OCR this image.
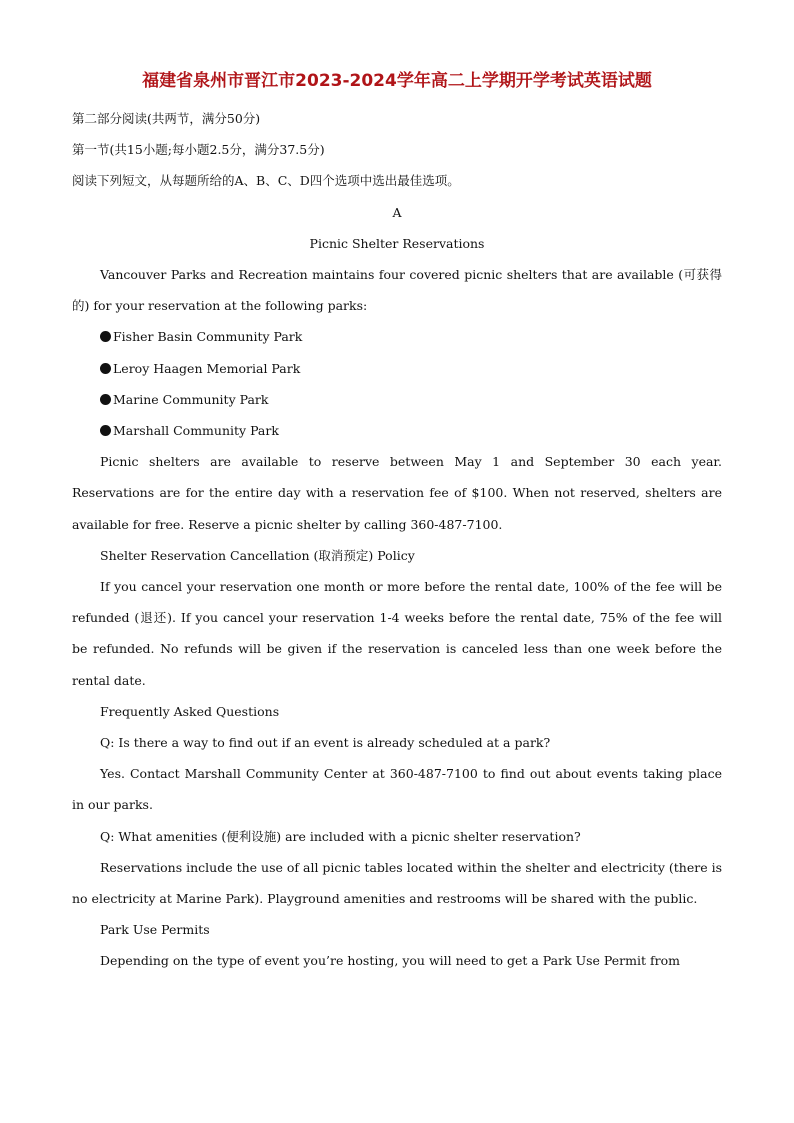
福建省泉州市晋江市2023-2024学年高二上学期开学考试英语试题

第二部分阅读(共两节，满分50分)

第一节(共15小题;每小题2.5分，满分37.5分)

阅读下列短文，从每题所给的A、B、C、D四个选项中选出最佳选项。

A

Picnic Shelter Reservations

Vancouver Parks and Recreation maintains four covered picnic shelters that are available (可获得的) for your reservation at the following parks:

Fisher Basin Community Park

Leroy Haagen Memorial Park

Marine Community Park

Marshall Community Park

Picnic shelters are available to reserve between May 1 and September 30 each year. Reservations are for the entire day with a reservation fee of $100. When not reserved, shelters are available for free. Reserve a picnic shelter by calling 360-487-7100.

Shelter Reservation Cancellation (取消预定) Policy

If you cancel your reservation one month or more before the rental date, 100% of the fee will be refunded (退还). If you cancel your reservation 1-4 weeks before the rental date, 75% of the fee will be refunded. No refunds will be given if the reservation is canceled less than one week before the rental date.

Frequently Asked Questions

Q: Is there a way to find out if an event is already scheduled at a park?

Yes. Contact Marshall Community Center at 360-487-7100 to find out about events taking place in our parks.

Q: What amenities (便利设施) are included with a picnic shelter reservation?

Reservations include the use of all picnic tables located within the shelter and electricity (there is no electricity at Marine Park). Playground amenities and restrooms will be shared with the public.

Park Use Permits

Depending on the type of event you’re hosting, you will need to get a Park Use Permit from
